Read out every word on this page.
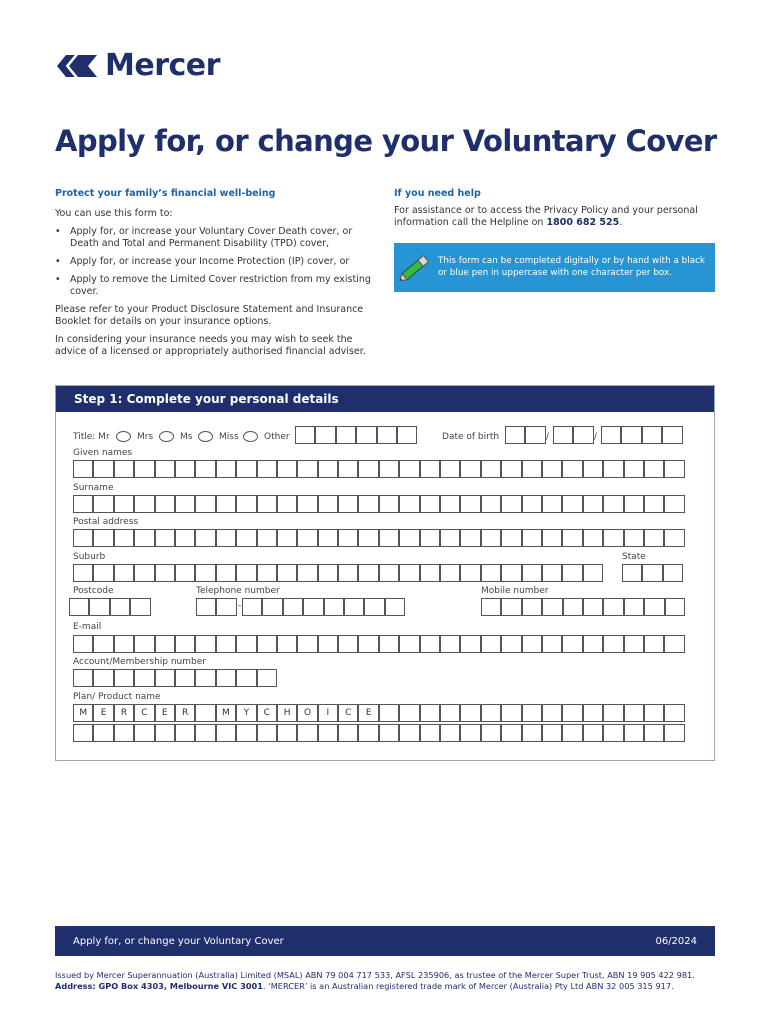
Mercer
Apply for, or change your Voluntary Cover
Protect your family’s financial well-being

You can use this form to:

• Apply for, or increase your Voluntary Cover Death cover, or Death and Total and Permanent Disability (TPD) cover,
• Apply for, or increase your Income Protection (IP) cover, or
• Apply to remove the Limited Cover restriction from my existing cover.

Please refer to your Product Disclosure Statement and Insurance Booklet for details on your insurance options.

In considering your insurance needs you may wish to seek the advice of a licensed or appropriately authorised financial adviser.

If you need help
For assistance or to access the Privacy Policy and your personal information call the Helpline on 1800 682 525.
This form can be completed digitally or by hand with a black or blue pen in uppercase with one character per box.
Step 1: Complete your personal details
Title: Mr	Mrs	Ms	Miss	Other	Date of birth	/	/
Given names
Surname
Postal address
Suburb	State
Postcode	Telephone number	Mobile number
-
E-mail
Account/Membership number
Plan/ Product name
M	E	R	C	E	R	M	Y	C	H	O	I	C	E
Apply for, or change your Voluntary Cover	06/2024
Issued by Mercer Superannuation (Australia) Limited (MSAL) ABN 79 004 717 533, AFSL 235906, as trustee of the Mercer Super Trust, ABN 19 905 422 981.
Address: GPO Box 4303, Melbourne VIC 3001. ‘MERCER’ is an Australian registered trade mark of Mercer (Australia) Pty Ltd ABN 32 005 315 917.
